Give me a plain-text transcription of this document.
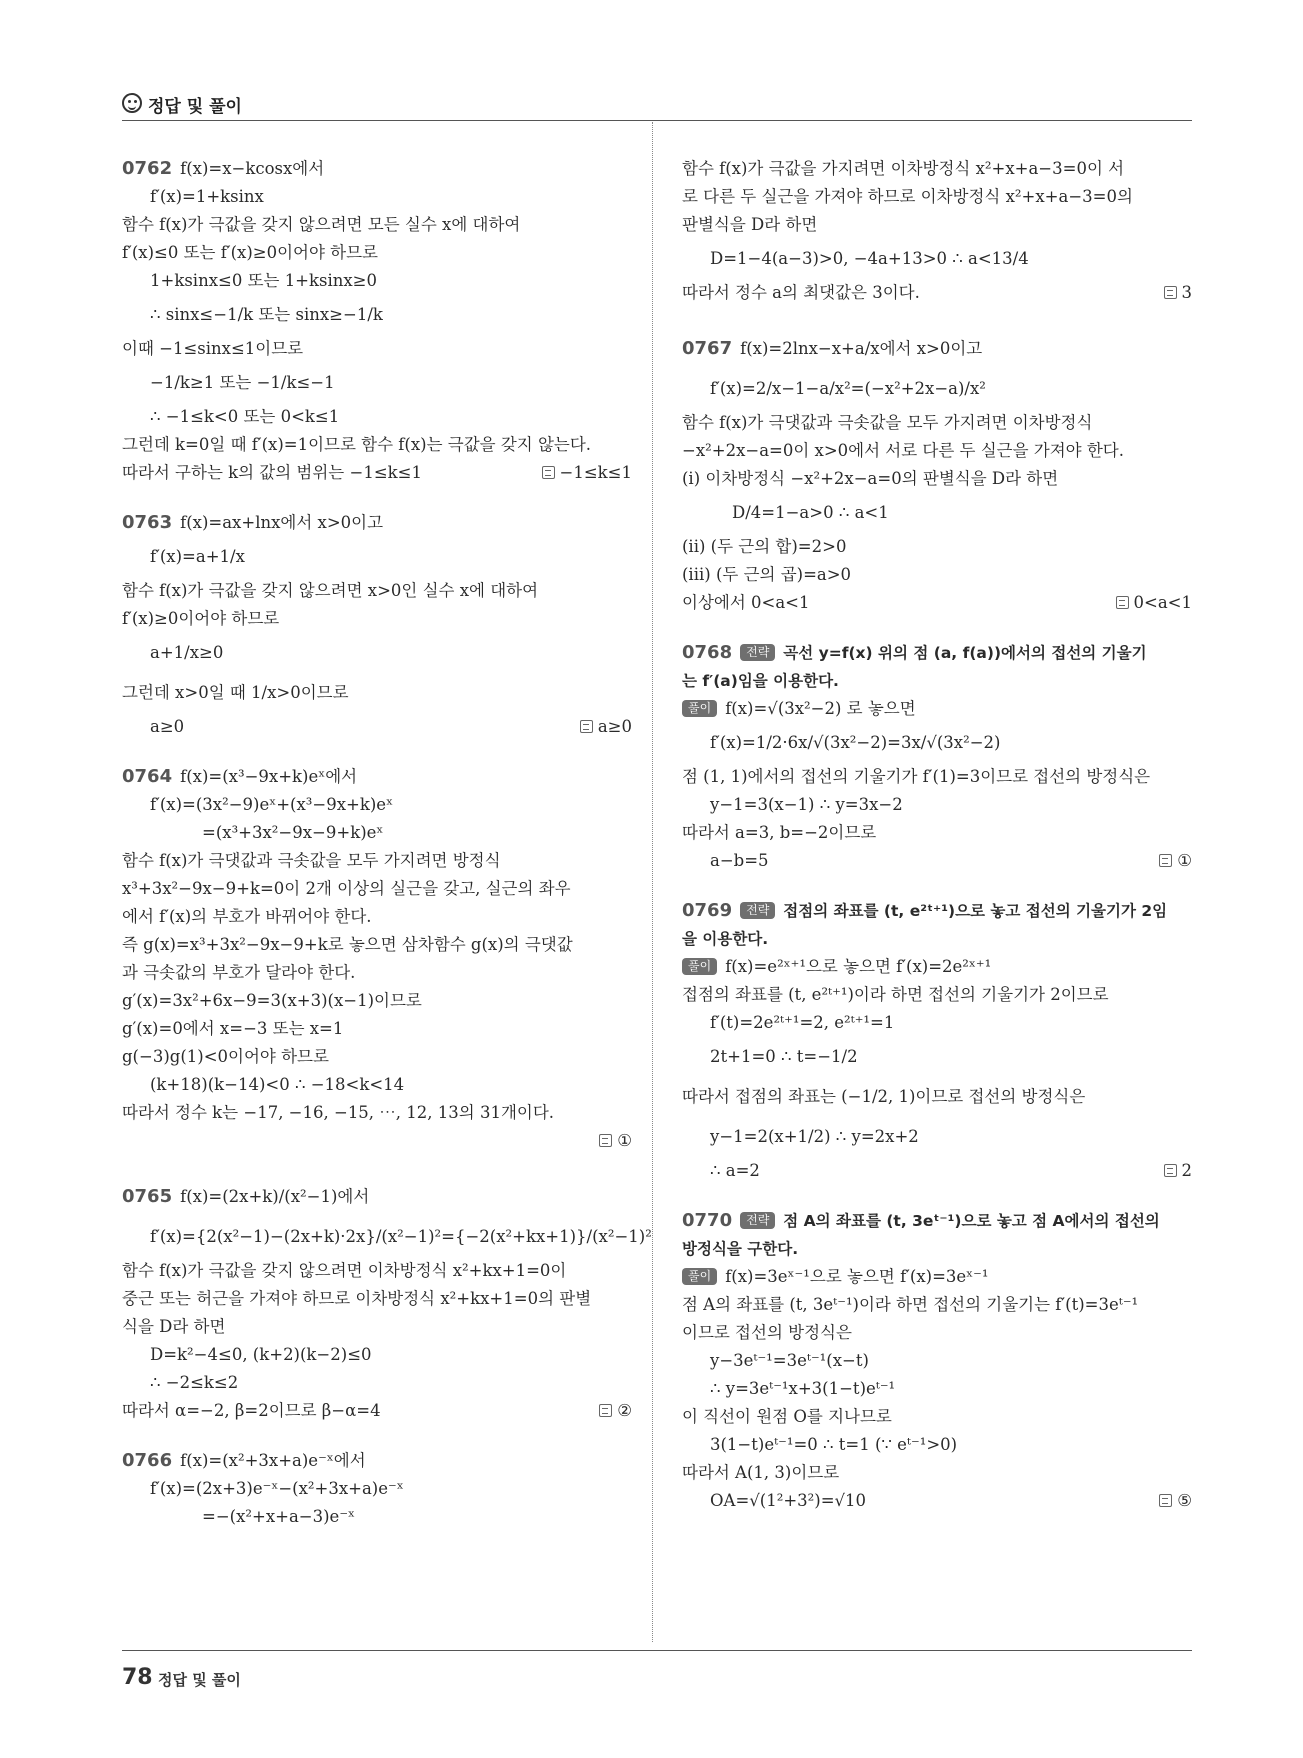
정답 및 풀이
0762 f(x)=x−kcosx에서
f′(x)=1+ksinx
함수 f(x)가 극값을 갖지 않으려면 모든 실수 x에 대하여
f′(x)≤0 또는 f′(x)≥0이어야 하므로
1+ksinx≤0 또는 1+ksinx≥0
∴ sinx≤−1/k 또는 sinx≥−1/k
이때 −1≤sinx≤1이므로
−1/k≥1 또는 −1/k≤−1
∴ −1≤k<0 또는 0<k≤1
그런데 k=0일 때 f′(x)=1이므로 함수 f(x)는 극값을 갖지 않는다.
따라서 구하는 k의 값의 범위는 −1≤k≤1	−1≤k≤1
0763 f(x)=ax+lnx에서 x>0이고
f′(x)=a+1/x
함수 f(x)가 극값을 갖지 않으려면 x>0인 실수 x에 대하여
f′(x)≥0이어야 하므로
a+1/x≥0
그런데 x>0일 때 1/x>0이므로
a≥0	a≥0
0764 f(x)=(x³−9x+k)eˣ에서
f′(x)=(3x²−9)eˣ+(x³−9x+k)eˣ
=(x³+3x²−9x−9+k)eˣ
함수 f(x)가 극댓값과 극솟값을 모두 가지려면 방정식
x³+3x²−9x−9+k=0이 2개 이상의 실근을 갖고, 실근의 좌우
에서 f′(x)의 부호가 바뀌어야 한다.
즉 g(x)=x³+3x²−9x−9+k로 놓으면 삼차함수 g(x)의 극댓값
과 극솟값의 부호가 달라야 한다.
g′(x)=3x²+6x−9=3(x+3)(x−1)이므로
g′(x)=0에서 x=−3 또는 x=1
g(−3)g(1)<0이어야 하므로
(k+18)(k−14)<0 ∴ −18<k<14
따라서 정수 k는 −17, −16, −15, ⋯, 12, 13의 31개이다.
①
0765 f(x)=(2x+k)/(x²−1)에서
f′(x)={2(x²−1)−(2x+k)·2x}/(x²−1)²={−2(x²+kx+1)}/(x²−1)²
함수 f(x)가 극값을 갖지 않으려면 이차방정식 x²+kx+1=0이
중근 또는 허근을 가져야 하므로 이차방정식 x²+kx+1=0의 판별
식을 D라 하면
D=k²−4≤0, (k+2)(k−2)≤0
∴ −2≤k≤2
따라서 α=−2, β=2이므로 β−α=4	②
0766 f(x)=(x²+3x+a)e⁻ˣ에서
f′(x)=(2x+3)e⁻ˣ−(x²+3x+a)e⁻ˣ
=−(x²+x+a−3)e⁻ˣ
함수 f(x)가 극값을 가지려면 이차방정식 x²+x+a−3=0이 서
로 다른 두 실근을 가져야 하므로 이차방정식 x²+x+a−3=0의
판별식을 D라 하면
D=1−4(a−3)>0, −4a+13>0 ∴ a<13/4
따라서 정수 a의 최댓값은 3이다.	3
0767 f(x)=2lnx−x+a/x에서 x>0이고
f′(x)=2/x−1−a/x²=(−x²+2x−a)/x²
함수 f(x)가 극댓값과 극솟값을 모두 가지려면 이차방정식
−x²+2x−a=0이 x>0에서 서로 다른 두 실근을 가져야 한다.
(i) 이차방정식 −x²+2x−a=0의 판별식을 D라 하면
D/4=1−a>0 ∴ a<1
(ii) (두 근의 합)=2>0
(iii) (두 근의 곱)=a>0
이상에서 0<a<1	0<a<1
0768 전략 곡선 y=f(x) 위의 점 (a, f(a))에서의 접선의 기울기
는 f′(a)임을 이용한다.
풀이 f(x)=√(3x²−2) 로 놓으면
f′(x)=1/2·6x/√(3x²−2)=3x/√(3x²−2)
점 (1, 1)에서의 접선의 기울기가 f′(1)=3이므로 접선의 방정식은
y−1=3(x−1) ∴ y=3x−2
따라서 a=3, b=−2이므로
a−b=5	①
0769 전략 접점의 좌표를 (t, e²ᵗ⁺¹)으로 놓고 접선의 기울기가 2임
을 이용한다.
풀이 f(x)=e²ˣ⁺¹으로 놓으면 f′(x)=2e²ˣ⁺¹
접점의 좌표를 (t, e²ᵗ⁺¹)이라 하면 접선의 기울기가 2이므로
f′(t)=2e²ᵗ⁺¹=2, e²ᵗ⁺¹=1
2t+1=0 ∴ t=−1/2
따라서 접점의 좌표는 (−1/2, 1)이므로 접선의 방정식은
y−1=2(x+1/2) ∴ y=2x+2
∴ a=2	2
0770 전략 점 A의 좌표를 (t, 3eᵗ⁻¹)으로 놓고 점 A에서의 접선의
방정식을 구한다.
풀이 f(x)=3eˣ⁻¹으로 놓으면 f′(x)=3eˣ⁻¹
점 A의 좌표를 (t, 3eᵗ⁻¹)이라 하면 접선의 기울기는 f′(t)=3eᵗ⁻¹
이므로 접선의 방정식은
y−3eᵗ⁻¹=3eᵗ⁻¹(x−t)
∴ y=3eᵗ⁻¹x+3(1−t)eᵗ⁻¹
이 직선이 원점 O를 지나므로
3(1−t)eᵗ⁻¹=0 ∴ t=1 (∵ eᵗ⁻¹>0)
따라서 A(1, 3)이므로
OA=√(1²+3²)=√10	⑤
78 정답 및 풀이
